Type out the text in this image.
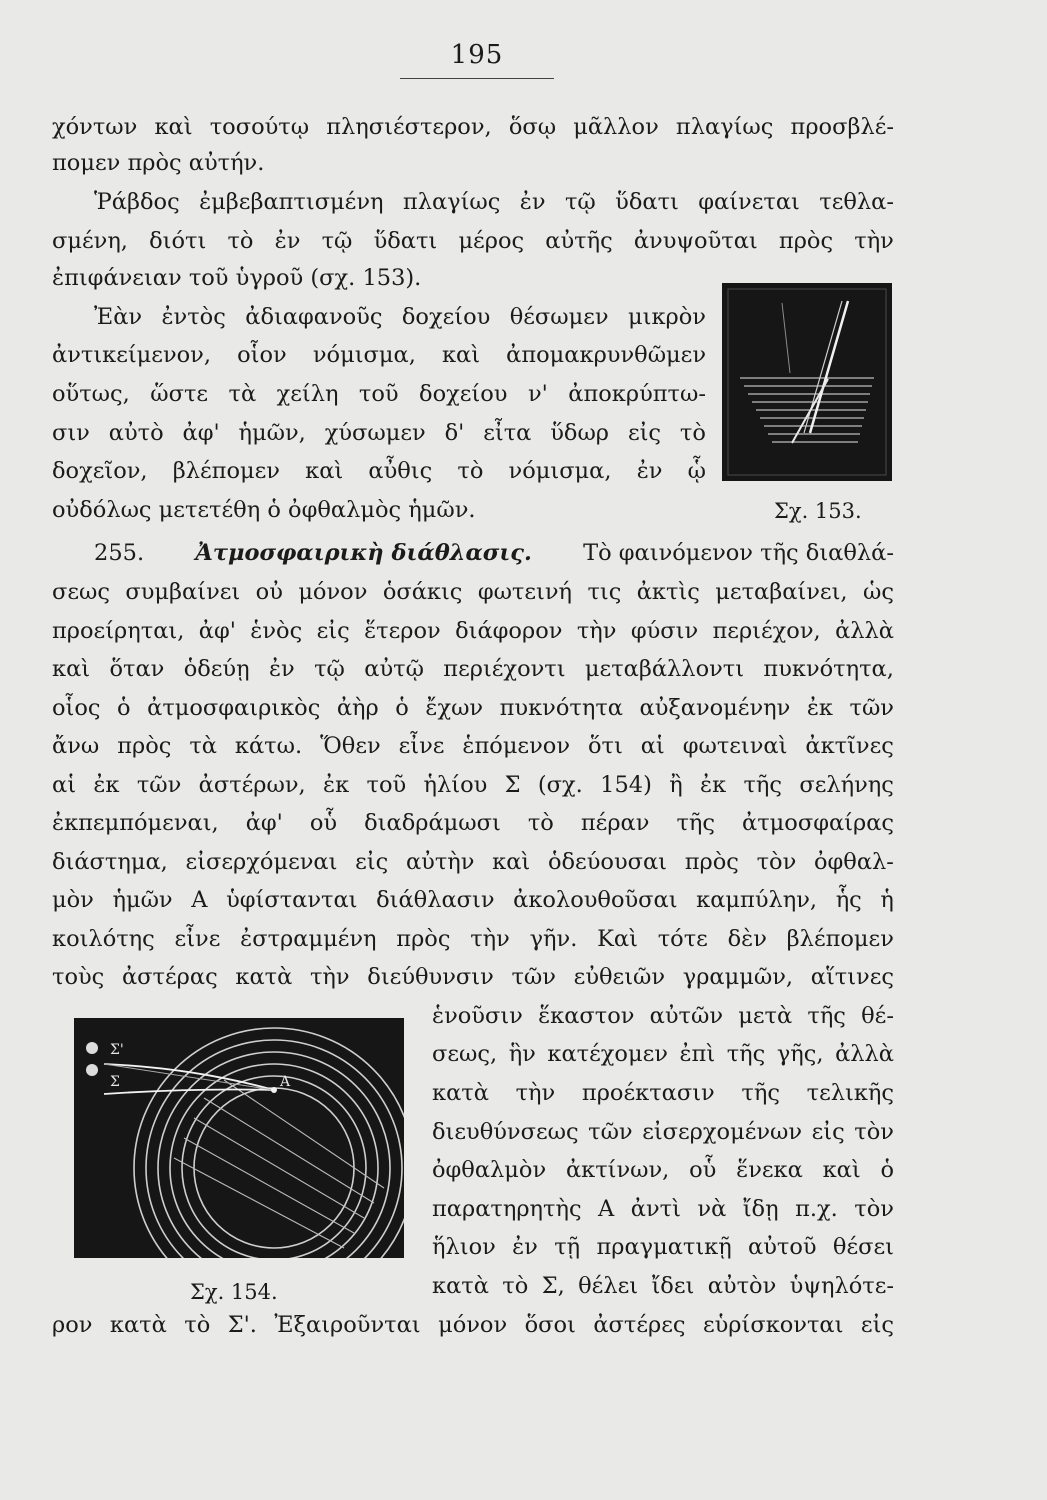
195
χόντων καὶ τοσούτῳ πλησιέστερον, ὅσῳ μᾶλλον πλαγίως προσβλέ-
πομεν πρὸς αὐτήν.
Ῥάβδος ἐμβεβαπτισμένη πλαγίως ἐν τῷ ὕδατι φαίνεται τεθλα-
σμένη, διότι τὸ ἐν τῷ ὕδατι μέρος αὐτῆς ἀνυψοῦται πρὸς τὴν
ἐπιφάνειαν τοῦ ὑγροῦ (σχ. 153).
Ἐὰν ἐντὸς ἀδιαφανοῦς δοχείου θέσωμεν μικρὸν
ἀντικείμενον, οἷον νόμισμα, καὶ ἀπομακρυνθῶμεν
οὕτως, ὥστε τὰ χείλη τοῦ δοχείου ν' ἀποκρύπτω-
σιν αὐτὸ ἀφ' ἡμῶν, χύσωμεν δ' εἶτα ὕδωρ εἰς τὸ
δοχεῖον, βλέπομεν καὶ αὖθις τὸ νόμισμα, ἐν ᾧ
οὐδόλως μετετέθη ὁ ὀφθαλμὸς ἡμῶν.	Σχ. 153.
255. Ἀτμοσφαιρικὴ διάθλασις. Τὸ φαινόμενον τῆς διαθλά-
σεως συμβαίνει οὐ μόνον ὁσάκις φωτεινή τις ἀκτὶς μεταβαίνει, ὡς
προείρηται, ἀφ' ἑνὸς εἰς ἕτερον διάφορον τὴν φύσιν περιέχον, ἀλλὰ
καὶ ὅταν ὁδεύῃ ἐν τῷ αὐτῷ περιέχοντι μεταβάλλοντι πυκνότητα,
οἷος ὁ ἀτμοσφαιρικὸς ἀὴρ ὁ ἔχων πυκνότητα αὐξανομένην ἐκ τῶν
ἄνω πρὸς τὰ κάτω. Ὅθεν εἶνε ἑπόμενον ὅτι αἱ φωτειναὶ ἀκτῖνες
αἱ ἐκ τῶν ἀστέρων, ἐκ τοῦ ἡλίου Σ (σχ. 154) ἢ ἐκ τῆς σελήνης
ἐκπεμπόμεναι, ἀφ' οὗ διαδράμωσι τὸ πέραν τῆς ἀτμοσφαίρας
διάστημα, εἰσερχόμεναι εἰς αὐτὴν καὶ ὁδεύουσαι πρὸς τὸν ὀφθαλ-
μὸν ἡμῶν Α ὑφίστανται διάθλασιν ἀκολουθοῦσαι καμπύλην, ἧς ἡ
κοιλότης εἶνε ἐστραμμένη πρὸς τὴν γῆν. Καὶ τότε δὲν βλέπομεν
τοὺς ἀστέρας κατὰ τὴν διεύθυνσιν τῶν εὐθειῶν γραμμῶν, αἵτινες
Σ'
Σ	Α
Σχ. 154.
ἑνοῦσιν ἕκαστον αὐτῶν μετὰ τῆς θέ-
σεως, ἣν κατέχομεν ἐπὶ τῆς γῆς, ἀλλὰ
κατὰ τὴν προέκτασιν τῆς τελικῆς
διευθύνσεως τῶν εἰσερχομένων εἰς τὸν
ὀφθαλμὸν ἀκτίνων, οὗ ἕνεκα καὶ ὁ
παρατηρητὴς Α ἀντὶ νὰ ἴδῃ π.χ. τὸν
ἥλιον ἐν τῇ πραγματικῇ αὐτοῦ θέσει
κατὰ τὸ Σ, θέλει ἴδει αὐτὸν ὑψηλότε-
ρον κατὰ τὸ Σ'. Ἐξαιροῦνται μόνον ὅσοι ἀστέρες εὑρίσκονται εἰς
